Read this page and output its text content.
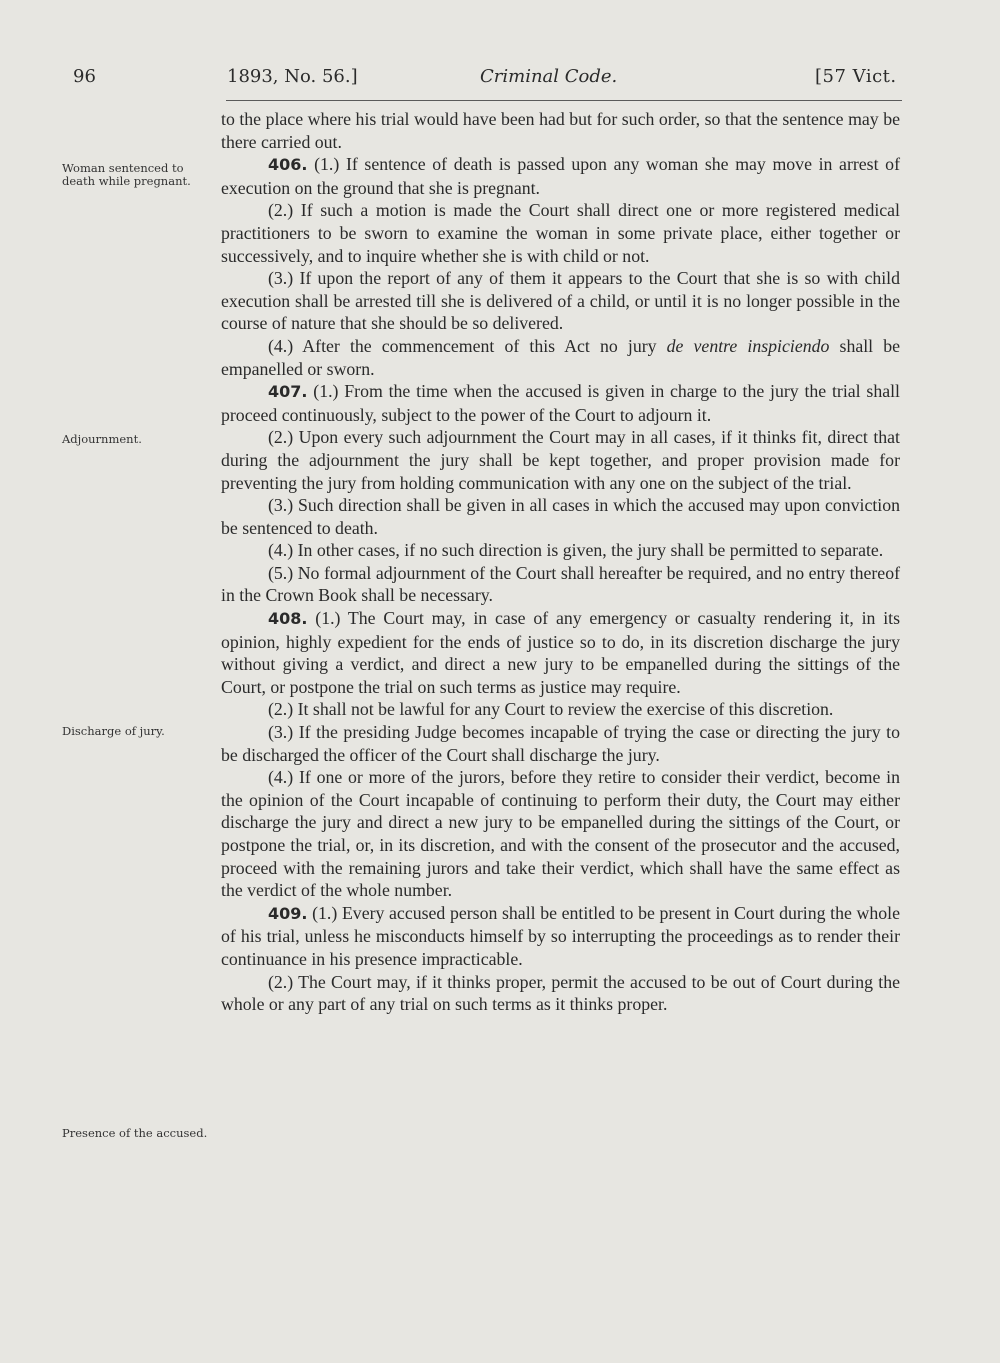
96	1893, No. 56.]	Criminal Code.	[57 Vict.
Woman sentenced to death while pregnant.
Adjournment.
Discharge of jury.
Presence of the accused.

to the place where his trial would have been had but for such order, so that the sentence may be there carried out.

406. (1.) If sentence of death is passed upon any woman she may move in arrest of execution on the ground that she is pregnant.

(2.) If such a motion is made the Court shall direct one or more registered medical practitioners to be sworn to examine the woman in some private place, either together or successively, and to inquire whether she is with child or not.

(3.) If upon the report of any of them it appears to the Court that she is so with child execution shall be arrested till she is delivered of a child, or until it is no longer possible in the course of nature that she should be so delivered.

(4.) After the commencement of this Act no jury de ventre inspiciendo shall be empanelled or sworn.

407. (1.) From the time when the accused is given in charge to the jury the trial shall proceed continuously, subject to the power of the Court to adjourn it.

(2.) Upon every such adjournment the Court may in all cases, if it thinks fit, direct that during the adjournment the jury shall be kept together, and proper provision made for preventing the jury from holding communication with any one on the subject of the trial.

(3.) Such direction shall be given in all cases in which the accused may upon conviction be sentenced to death.

(4.) In other cases, if no such direction is given, the jury shall be permitted to separate.

(5.) No formal adjournment of the Court shall hereafter be required, and no entry thereof in the Crown Book shall be necessary.

408. (1.) The Court may, in case of any emergency or casualty rendering it, in its opinion, highly expedient for the ends of justice so to do, in its discretion discharge the jury without giving a verdict, and direct a new jury to be empanelled during the sittings of the Court, or postpone the trial on such terms as justice may require.

(2.) It shall not be lawful for any Court to review the exercise of this discretion.

(3.) If the presiding Judge becomes incapable of trying the case or directing the jury to be discharged the officer of the Court shall discharge the jury.

(4.) If one or more of the jurors, before they retire to consider their verdict, become in the opinion of the Court incapable of continuing to perform their duty, the Court may either discharge the jury and direct a new jury to be empanelled during the sittings of the Court, or postpone the trial, or, in its discretion, and with the consent of the prosecutor and the accused, proceed with the remaining jurors and take their verdict, which shall have the same effect as the verdict of the whole number.

409. (1.) Every accused person shall be entitled to be present in Court during the whole of his trial, unless he misconducts himself by so interrupting the proceedings as to render their continuance in his presence impracticable.

(2.) The Court may, if it thinks proper, permit the accused to be out of Court during the whole or any part of any trial on such terms as it thinks proper.
